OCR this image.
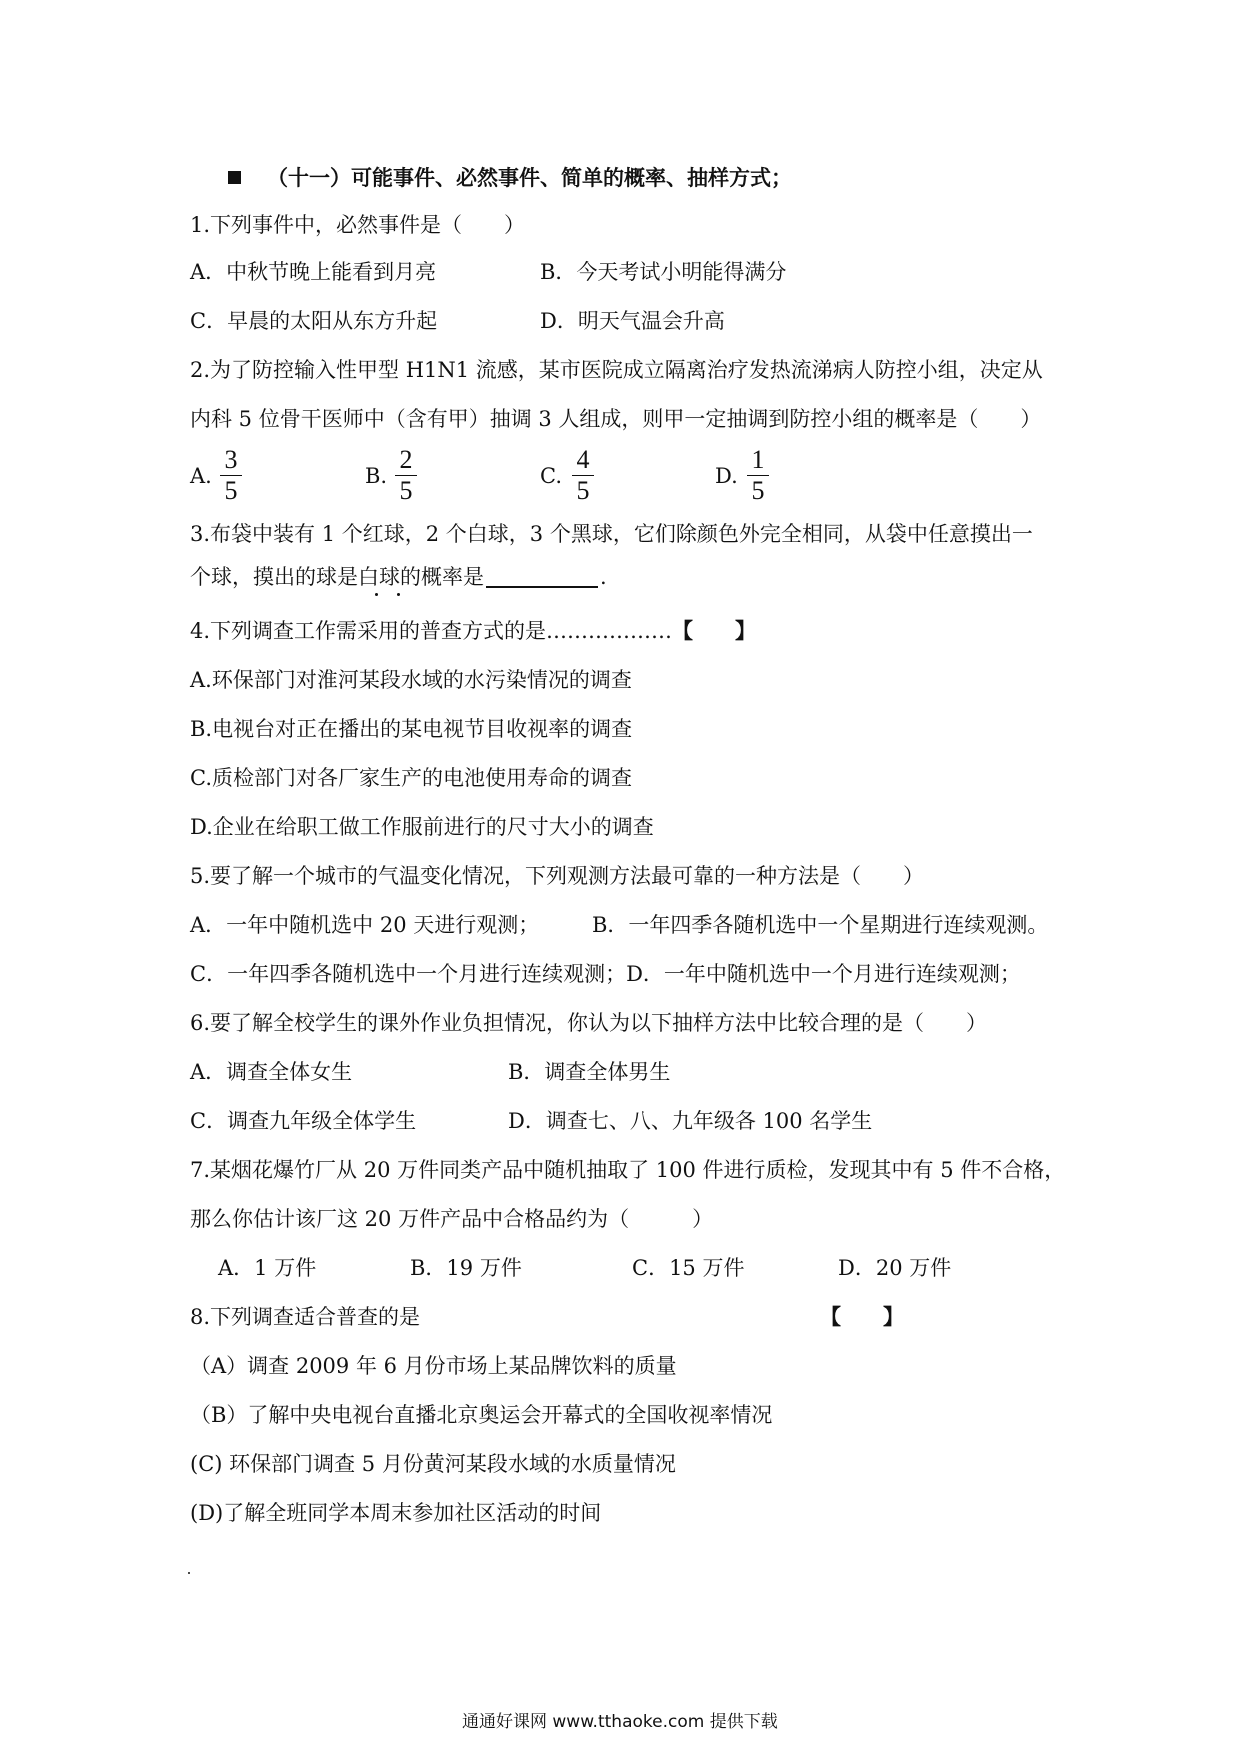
（十一）可能事件、必然事件、简单的概率、抽样方式；
1.下列事件中，必然事件是（　　）
A．中秋节晚上能看到月亮	B．今天考试小明能得满分
C．早晨的太阳从东方升起	D．明天气温会升高
2.为了防控输入性甲型 H1N1 流感，某市医院成立隔离治疗发热流涕病人防控小组，决定从
内科 5 位骨干医师中（含有甲）抽调 3 人组成，则甲一定抽调到防控小组的概率是（　　）
A.
3
5	B.
2
5	C.
4
5	D.
1
5
3.布袋中装有 1 个红球，2 个白球，3 个黑球，它们除颜色外完全相同，从袋中任意摸出一
个球，摸出的球是白球的概率是	.
4.下列调查工作需采用的普查方式的是………………【　　】
A.环保部门对淮河某段水域的水污染情况的调查
B.电视台对正在播出的某电视节目收视率的调查
C.质检部门对各厂家生产的电池使用寿命的调查
D.企业在给职工做工作服前进行的尺寸大小的调查
5.要了解一个城市的气温变化情况，下列观测方法最可靠的一种方法是（　　）
A．一年中随机选中 20 天进行观测；	B．一年四季各随机选中一个星期进行连续观测。
C．一年四季各随机选中一个月进行连续观测；D．一年中随机选中一个月进行连续观测；
6.要了解全校学生的课外作业负担情况，你认为以下抽样方法中比较合理的是（　　）
A．调查全体女生	B．调查全体男生
C．调查九年级全体学生	D．调查七、八、九年级各 100 名学生
7.某烟花爆竹厂从 20 万件同类产品中随机抽取了 100 件进行质检，发现其中有 5 件不合格，
那么你估计该厂这 20 万件产品中合格品约为（　　　）
A．1 万件	B．19 万件	C．15 万件	D．20 万件
8.下列调查适合普查的是	【　　】
（A）调查 2009 年 6 月份市场上某品牌饮料的质量
（B）了解中央电视台直播北京奥运会开幕式的全国收视率情况
(C) 环保部门调查 5 月份黄河某段水域的水质量情况
(D)了解全班同学本周末参加社区活动的时间
通通好课网 www.tthaoke.com 提供下载
